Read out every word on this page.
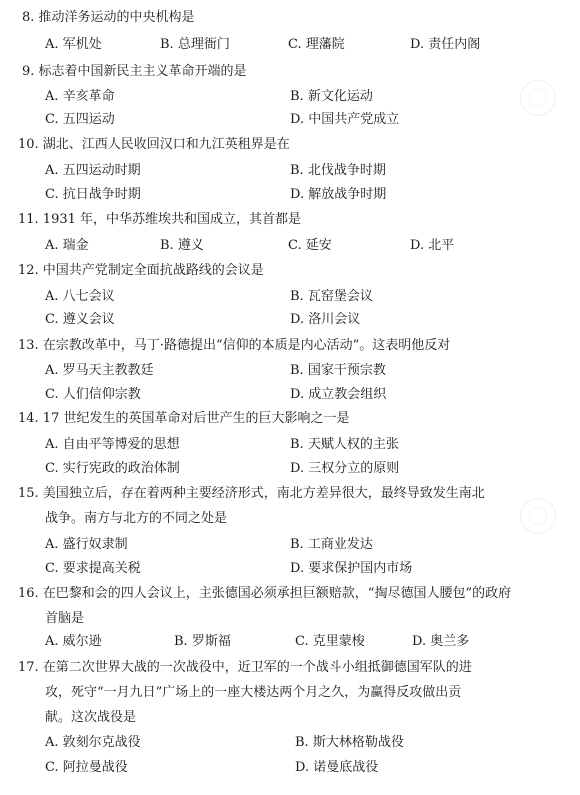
8. 推动洋务运动的中央机构是
A. 军机处	B. 总理衙门	C. 理藩院	D. 责任内阁
9. 标志着中国新民主主义革命开端的是
A. 辛亥革命	B. 新文化运动
C. 五四运动	D. 中国共产党成立
10. 湖北、江西人民收回汉口和九江英租界是在
A. 五四运动时期	B. 北伐战争时期
C. 抗日战争时期	D. 解放战争时期
11. 1931 年，中华苏维埃共和国成立，其首都是
A. 瑞金	B. 遵义	C. 延安	D. 北平
12. 中国共产党制定全面抗战路线的会议是
A. 八七会议	B. 瓦窑堡会议
C. 遵义会议	D. 洛川会议
13. 在宗教改革中，马丁·路德提出“信仰的本质是内心活动”。这表明他反对
A. 罗马天主教教廷	B. 国家干预宗教
C. 人们信仰宗教	D. 成立教会组织
14. 17 世纪发生的英国革命对后世产生的巨大影响之一是
A. 自由平等博爱的思想	B. 天赋人权的主张
C. 实行宪政的政治体制	D. 三权分立的原则
15. 美国独立后，存在着两种主要经济形式，南北方差异很大，最终导致发生南北
战争。南方与北方的不同之处是
A. 盛行奴隶制	B. 工商业发达
C. 要求提高关税	D. 要求保护国内市场
16. 在巴黎和会的四人会议上，主张德国必须承担巨额赔款，“掏尽德国人腰包”的政府
首脑是
A. 威尔逊	B. 罗斯福	C. 克里蒙梭	D. 奥兰多
17. 在第二次世界大战的一次战役中，近卫军的一个战斗小组抵御德国军队的进
攻，死守“一月九日”广场上的一座大楼达两个月之久，为赢得反攻做出贡
献。这次战役是
A. 敦刻尔克战役	B. 斯大林格勒战役
C. 阿拉曼战役	D. 诺曼底战役
